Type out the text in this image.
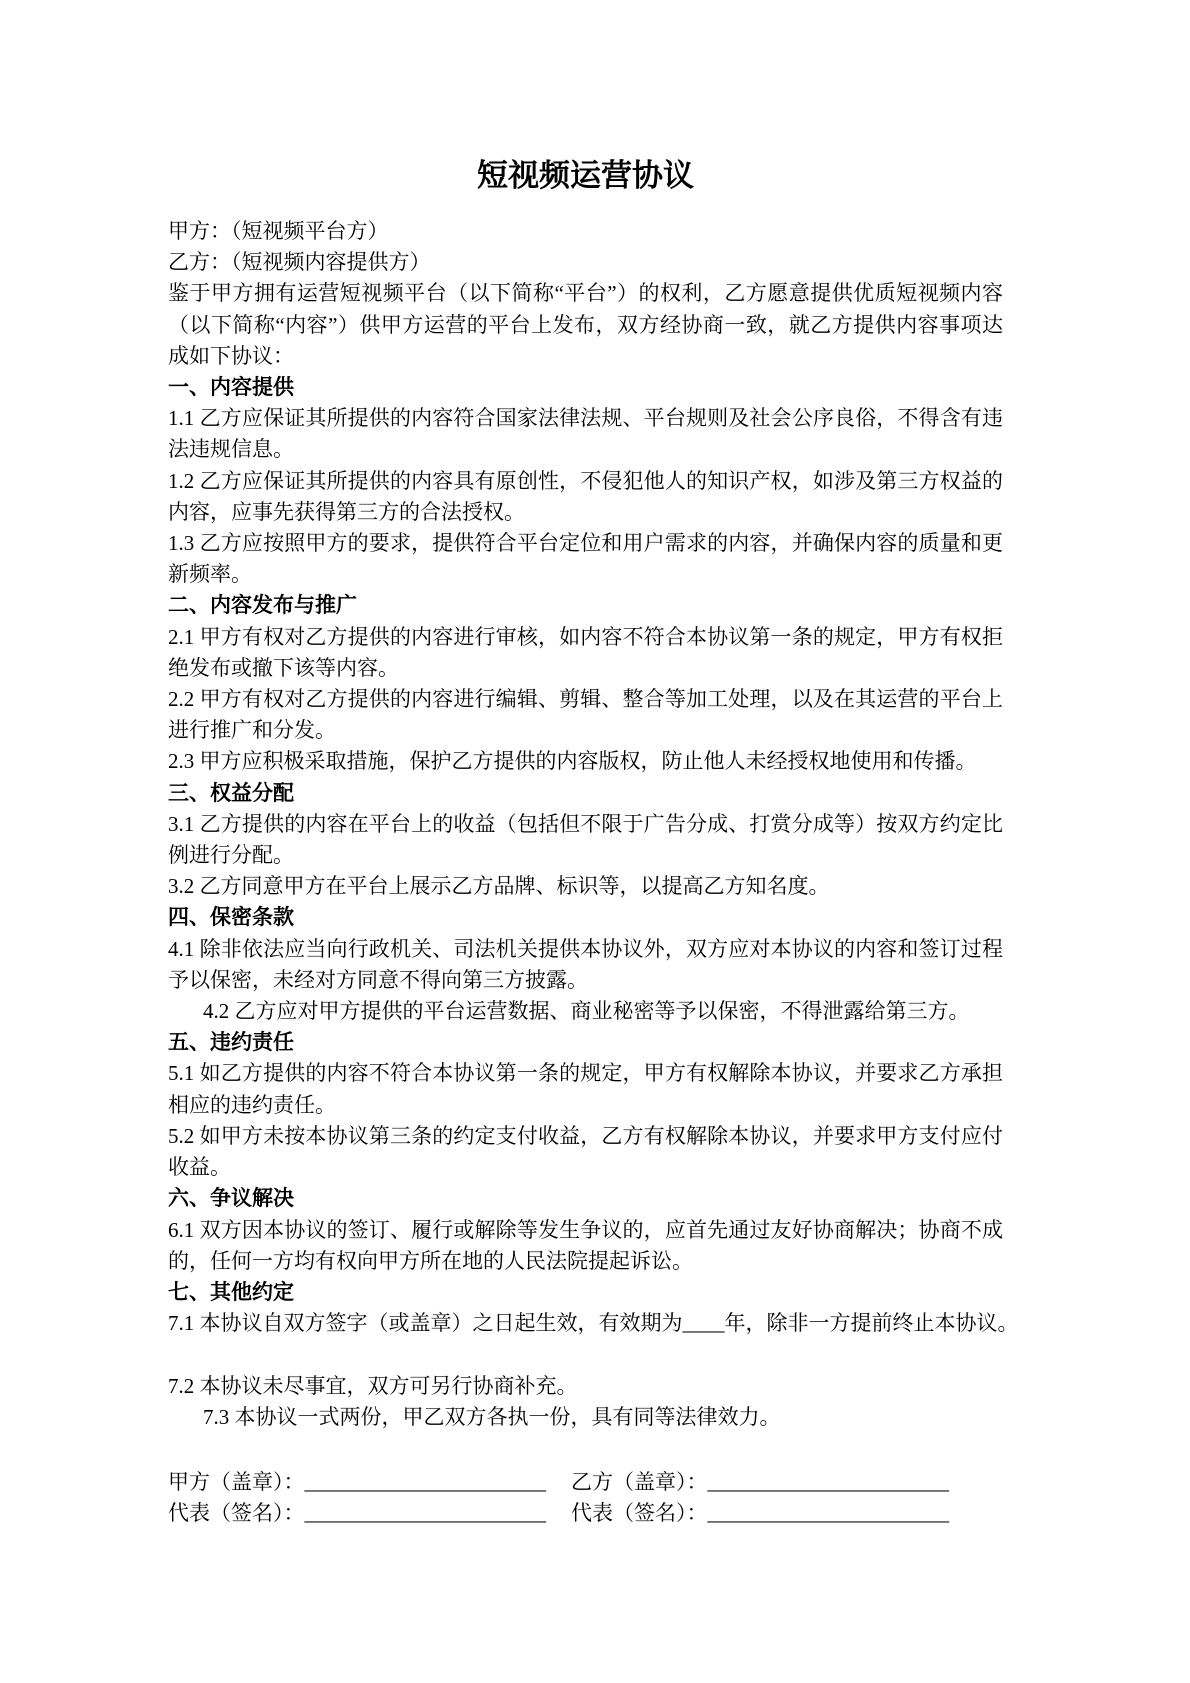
短视频运营协议

甲方：（短视频平台方）

乙方：（短视频内容提供方）

鉴于甲方拥有运营短视频平台（以下简称“平台”）的权利，乙方愿意提供优质短视频内容（以下简称“内容”）供甲方运营的平台上发布，双方经协商一致，就乙方提供内容事项达成如下协议：

一、内容提供

1.1 乙方应保证其所提供的内容符合国家法律法规、平台规则及社会公序良俗，不得含有违法违规信息。

1.2 乙方应保证其所提供的内容具有原创性，不侵犯他人的知识产权，如涉及第三方权益的内容，应事先获得第三方的合法授权。

1.3 乙方应按照甲方的要求，提供符合平台定位和用户需求的内容，并确保内容的质量和更新频率。

二、内容发布与推广

2.1 甲方有权对乙方提供的内容进行审核，如内容不符合本协议第一条的规定，甲方有权拒绝发布或撤下该等内容。

2.2 甲方有权对乙方提供的内容进行编辑、剪辑、整合等加工处理，以及在其运营的平台上进行推广和分发。

2.3 甲方应积极采取措施，保护乙方提供的内容版权，防止他人未经授权地使用和传播。

三、权益分配

3.1 乙方提供的内容在平台上的收益（包括但不限于广告分成、打赏分成等）按双方约定比例进行分配。

3.2 乙方同意甲方在平台上展示乙方品牌、标识等，以提高乙方知名度。

四、保密条款

4.1 除非依法应当向行政机关、司法机关提供本协议外，双方应对本协议的内容和签订过程予以保密，未经对方同意不得向第三方披露。

4.2 乙方应对甲方提供的平台运营数据、商业秘密等予以保密，不得泄露给第三方。

五、违约责任

5.1 如乙方提供的内容不符合本协议第一条的规定，甲方有权解除本协议，并要求乙方承担相应的违约责任。

5.2 如甲方未按本协议第三条的约定支付收益，乙方有权解除本协议，并要求甲方支付应付收益。

六、争议解决

6.1 双方因本协议的签订、履行或解除等发生争议的，应首先通过友好协商解决；协商不成的，任何一方均有权向甲方所在地的人民法院提起诉讼。

七、其他约定

7.1 本协议自双方签字（或盖章）之日起生效，有效期为____年，除非一方提前终止本协议。

7.2 本协议未尽事宜，双方可另行协商补充。

7.3 本协议一式两份，甲乙双方各执一份，具有同等法律效力。

甲方（盖章）：_______________________	乙方（盖章）：_______________________
代表（签名）：_______________________	代表（签名）：_______________________
